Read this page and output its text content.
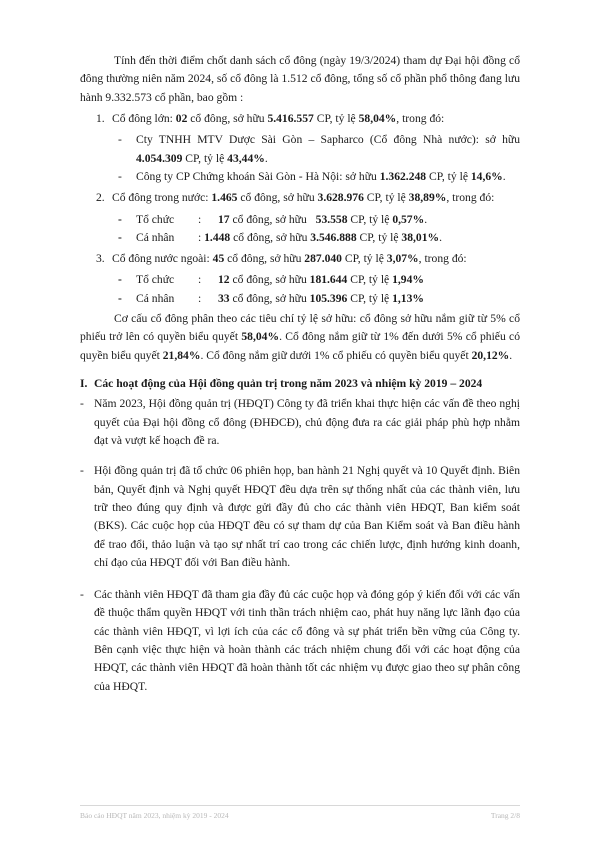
Tính đến thời điểm chốt danh sách cổ đông (ngày 19/3/2024) tham dự Đại hội đồng cổ đông thường niên năm 2024, số cổ đông là 1.512 cổ đông, tổng số cổ phần phổ thông đang lưu hành 9.332.573 cổ phần, bao gồm :

1. Cổ đông lớn: 02 cổ đông, sở hữu 5.416.557 CP, tỷ lệ 58,04%, trong đó:
- Cty TNHH MTV Dược Sài Gòn – Sapharco (Cổ đông Nhà nước): sở hữu 4.054.309 CP, tỷ lệ 43,44%.
- Công ty CP Chứng khoán Sài Gòn - Hà Nội: sở hữu 1.362.248 CP, tỷ lệ 14,6%.
2. Cổ đông trong nước: 1.465 cổ đông, sở hữu 3.628.976 CP, tỷ lệ 38,89%, trong đó:
- Tổ chức : 17 cổ đông, sở hữu 53.558 CP, tỷ lệ 0,57%.
- Cá nhân : 1.448 cổ đông, sở hữu 3.546.888 CP, tỷ lệ 38,01%.
3. Cổ đông nước ngoài: 45 cổ đông, sở hữu 287.040 CP, tỷ lệ 3,07%, trong đó:
- Tổ chức : 12 cổ đông, sở hữu 181.644 CP, tỷ lệ 1,94%
- Cá nhân : 33 cổ đông, sở hữu 105.396 CP, tỷ lệ 1,13%

Cơ cấu cổ đông phân theo các tiêu chí tỷ lệ sở hữu: cổ đông sở hữu nắm giữ từ 5% cổ phiếu trở lên có quyền biểu quyết 58,04%. Cổ đông nắm giữ từ 1% đến dưới 5% cổ phiếu có quyền biểu quyết 21,84%. Cổ đông nắm giữ dưới 1% cổ phiếu có quyền biểu quyết 20,12%.

I. Các hoạt động của Hội đồng quản trị trong năm 2023 và nhiệm kỳ 2019 – 2024
- Năm 2023, Hội đồng quản trị (HĐQT) Công ty đã triển khai thực hiện các vấn đề theo nghị quyết của Đại hội đồng cổ đông (ĐHĐCĐ), chủ động đưa ra các giải pháp phù hợp nhằm đạt và vượt kế hoạch đề ra.
- Hội đồng quản trị đã tổ chức 06 phiên họp, ban hành 21 Nghị quyết và 10 Quyết định. Biên bản, Quyết định và Nghị quyết HĐQT đều dựa trên sự thống nhất của các thành viên, lưu trữ theo đúng quy định và được gửi đầy đủ cho các thành viên HĐQT, Ban kiểm soát (BKS). Các cuộc họp của HĐQT đều có sự tham dự của Ban Kiểm soát và Ban điều hành để trao đổi, thảo luận và tạo sự nhất trí cao trong các chiến lược, định hướng kinh doanh, chỉ đạo của HĐQT đối với Ban điều hành.
- Các thành viên HĐQT đã tham gia đầy đủ các cuộc họp và đóng góp ý kiến đối với các vấn đề thuộc thẩm quyền HĐQT với tinh thần trách nhiệm cao, phát huy năng lực lãnh đạo của các thành viên HĐQT, vì lợi ích của các cổ đông và sự phát triển bền vững của Công ty. Bên cạnh việc thực hiện và hoàn thành các trách nhiệm chung đối với các hoạt động của HĐQT, các thành viên HĐQT đã hoàn thành tốt các nhiệm vụ được giao theo sự phân công của HĐQT.
Báo cáo HĐQT năm 2023, nhiệm kỳ 2019 - 2024	Trang 2/8
